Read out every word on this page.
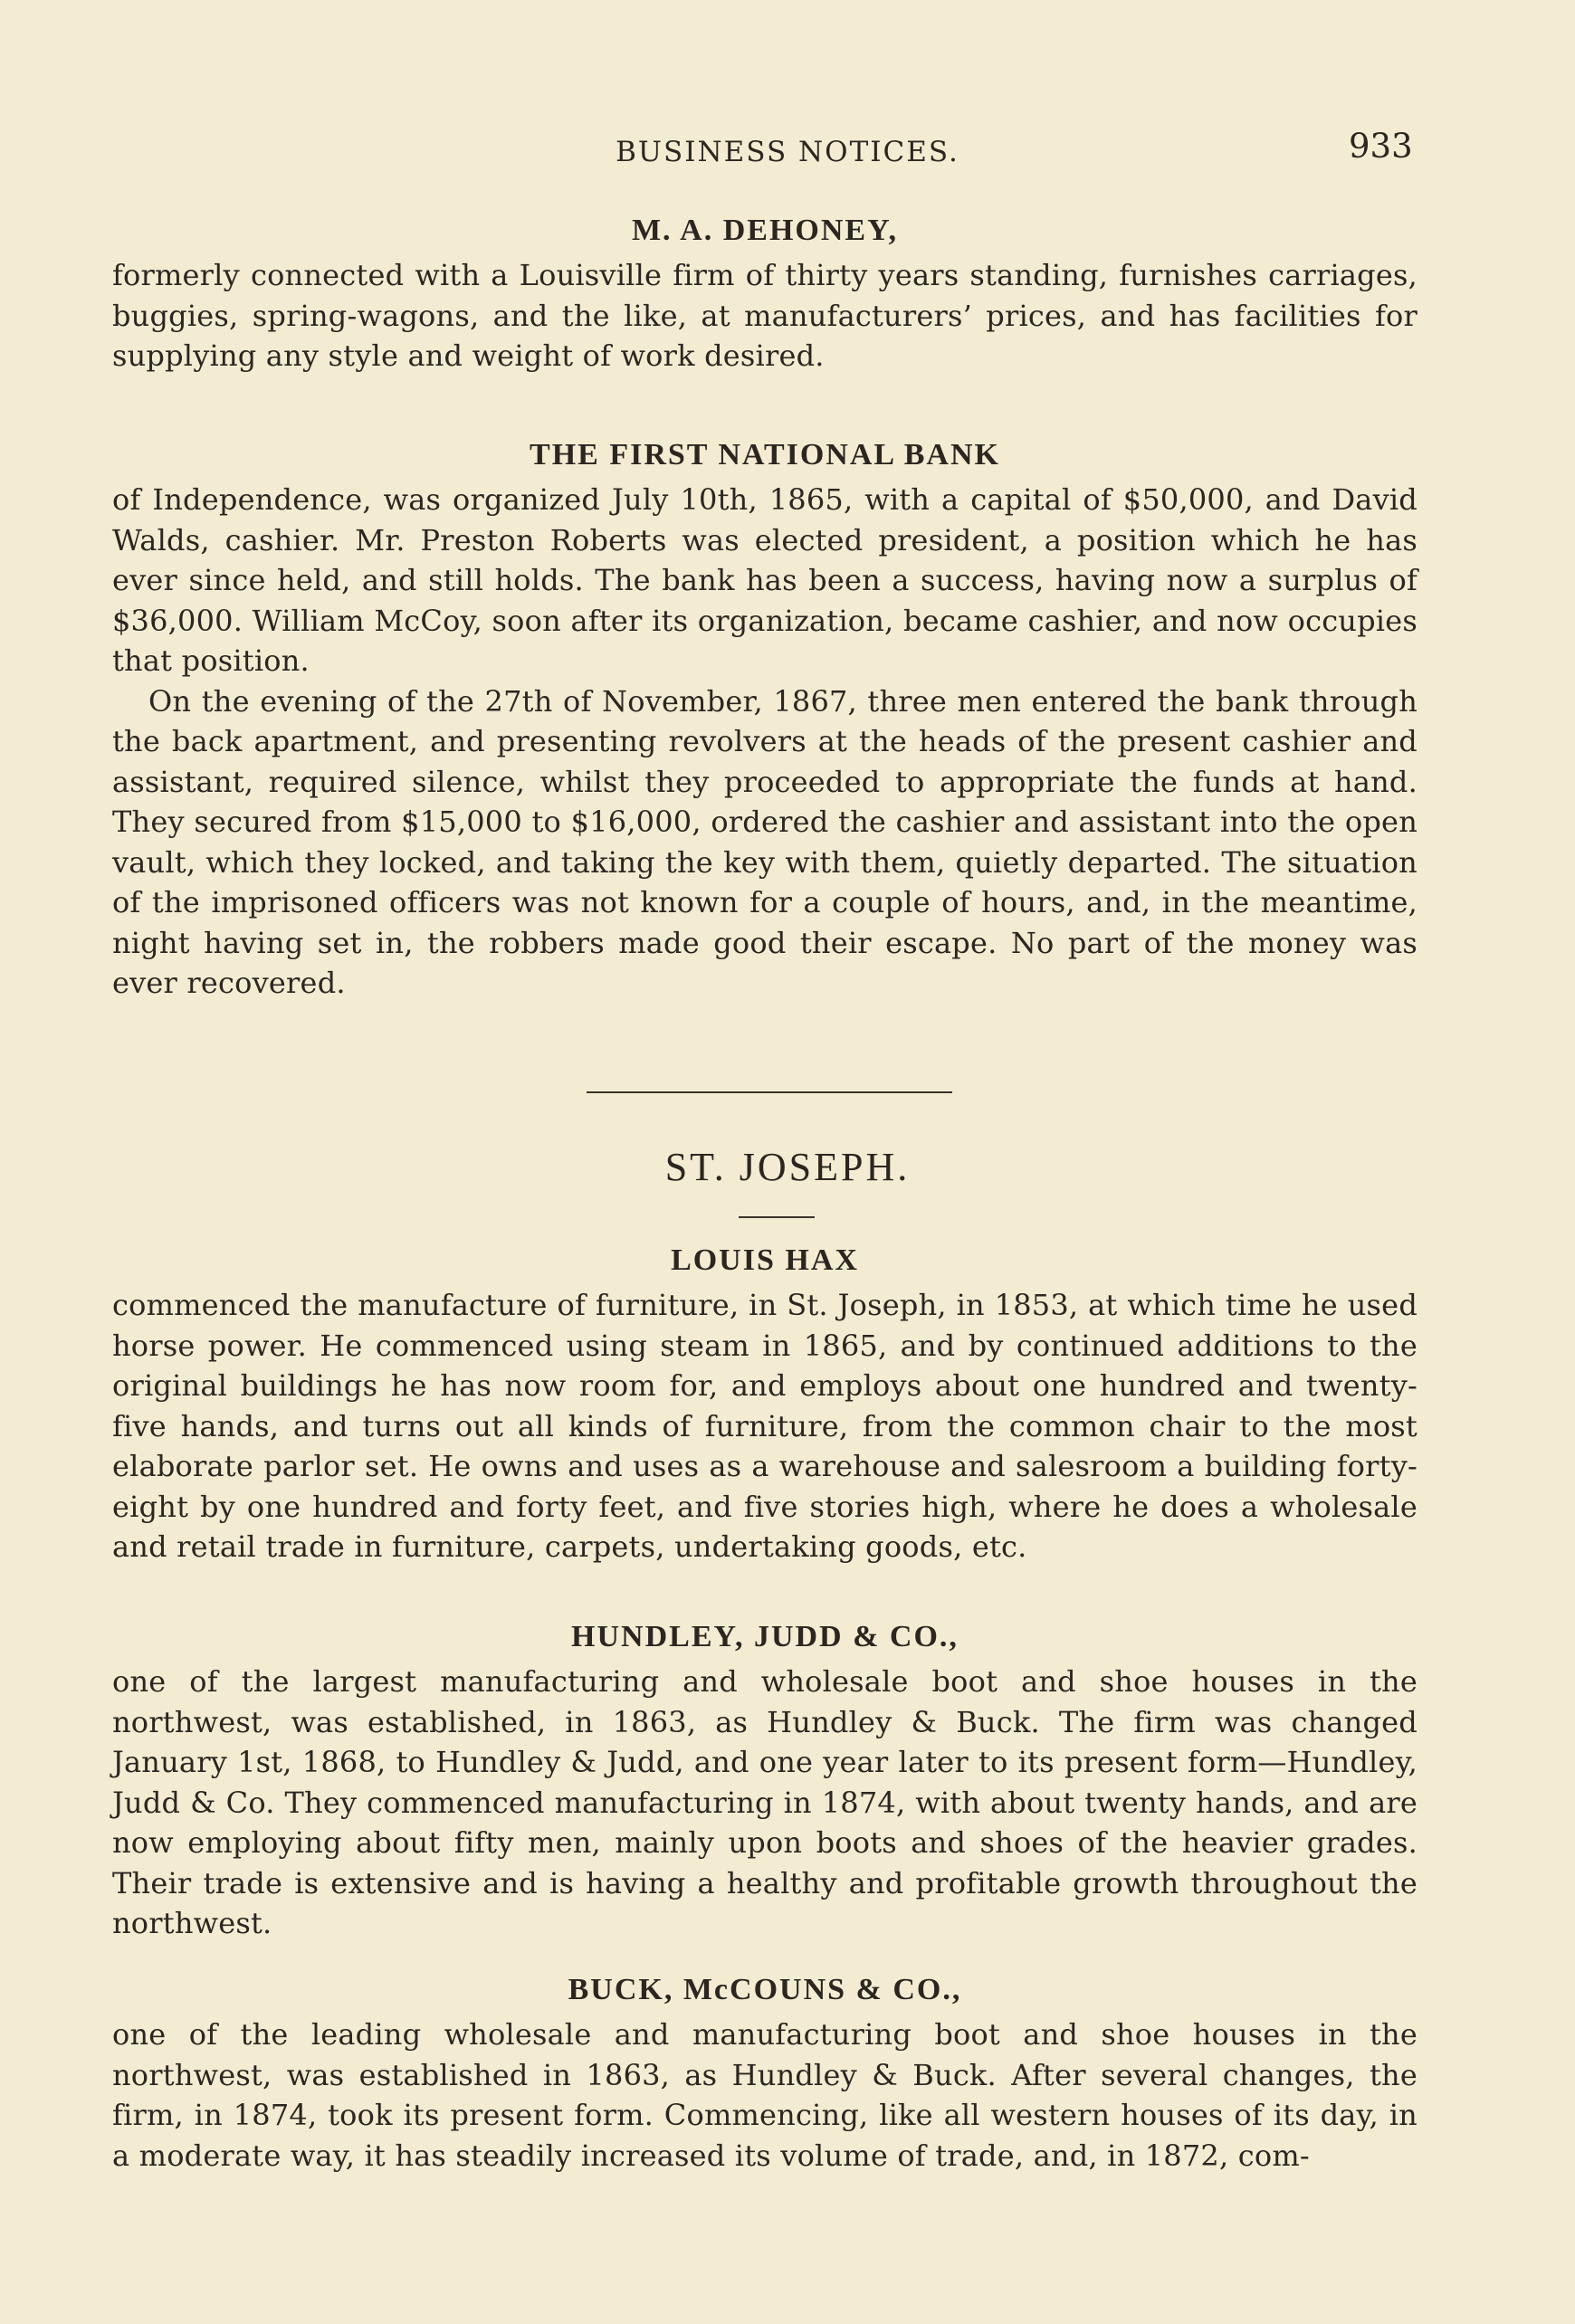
BUSINESS NOTICES.	933
M. A. DEHONEY,

formerly connected with a Louisville firm of thirty years standing, furnishes carriages, buggies, spring-wagons, and the like, at manufacturers’ prices, and has facilities for supplying any style and weight of work desired.

THE FIRST NATIONAL BANK

of Independence, was organized July 10th, 1865, with a capital of $50,000, and David Walds, cashier. Mr. Preston Roberts was elected president, a position which he has ever since held, and still holds. The bank has been a success, having now a surplus of $36,000. William McCoy, soon after its organization, became cashier, and now occupies that position.

On the evening of the 27th of November, 1867, three men entered the bank through the back apartment, and presenting revolvers at the heads of the present cashier and assistant, required silence, whilst they proceeded to appropriate the funds at hand. They secured from $15,000 to $16,000, ordered the cashier and assistant into the open vault, which they locked, and taking the key with them, quietly departed. The situation of the imprisoned officers was not known for a couple of hours, and, in the meantime, night having set in, the robbers made good their escape. No part of the money was ever recovered.

ST. JOSEPH.
LOUIS HAX

commenced the manufacture of furniture, in St. Joseph, in 1853, at which time he used horse power. He commenced using steam in 1865, and by continued additions to the original buildings he has now room for, and employs about one hundred and twenty-five hands, and turns out all kinds of furniture, from the common chair to the most elaborate parlor set. He owns and uses as a warehouse and salesroom a building forty-eight by one hundred and forty feet, and five stories high, where he does a wholesale and retail trade in furniture, carpets, undertaking goods, etc.

HUNDLEY, JUDD & CO.,

one of the largest manufacturing and wholesale boot and shoe houses in the northwest, was established, in 1863, as Hundley & Buck. The firm was changed January 1st, 1868, to Hundley & Judd, and one year later to its present form—Hundley, Judd & Co. They commenced manufacturing in 1874, with about twenty hands, and are now employing about fifty men, mainly upon boots and shoes of the heavier grades. Their trade is extensive and is having a healthy and profitable growth throughout the northwest.

BUCK, McCOUNS & CO.,

one of the leading wholesale and manufacturing boot and shoe houses in the northwest, was established in 1863, as Hundley & Buck. After several changes, the firm, in 1874, took its present form. Commencing, like all western houses of its day, in a moderate way, it has steadily increased its volume of trade, and, in 1872, com-
